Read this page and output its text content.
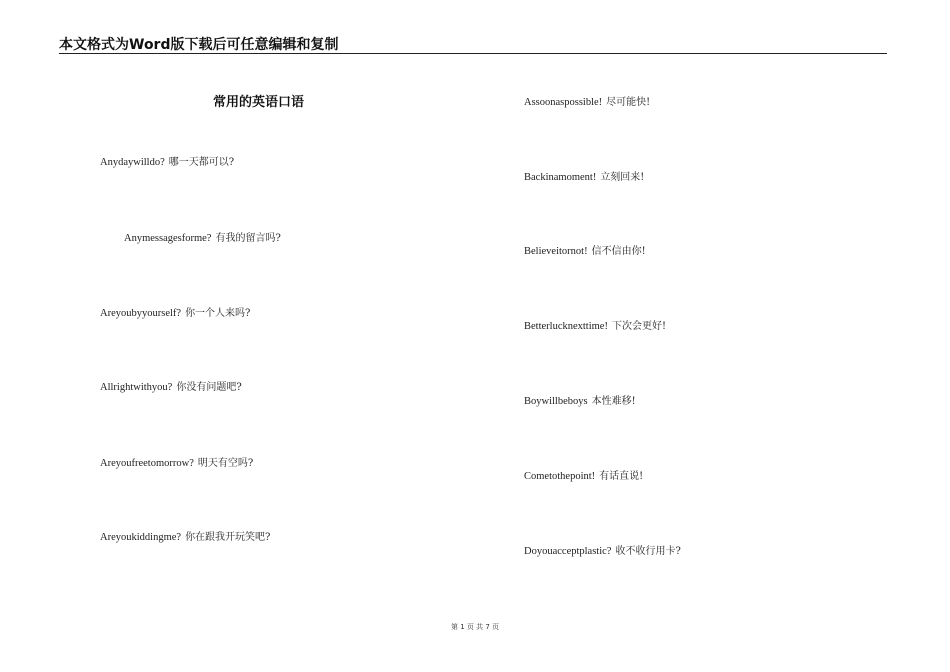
本文格式为Word版下载后可任意编辑和复制
常用的英语口语
Anydaywilldo? 哪一天都可以?
Anymessagesforme? 有我的留言吗?
Areyoubyyourself? 你一个人来吗?
Allrightwithyou? 你没有问题吧?
Areyoufreetomorrow? 明天有空吗?
Areyoukiddingme? 你在跟我开玩笑吧?
Assoonaspossible! 尽可能快!
Backinamoment! 立刻回来!
Believeitornot! 信不信由你!
Betterlucknexttime! 下次会更好!
Boywillbeboys 本性难移!
Cometothepoint! 有话直说!
Doyouacceptplastic? 收不收行用卡?
第 1 页 共 7 页
